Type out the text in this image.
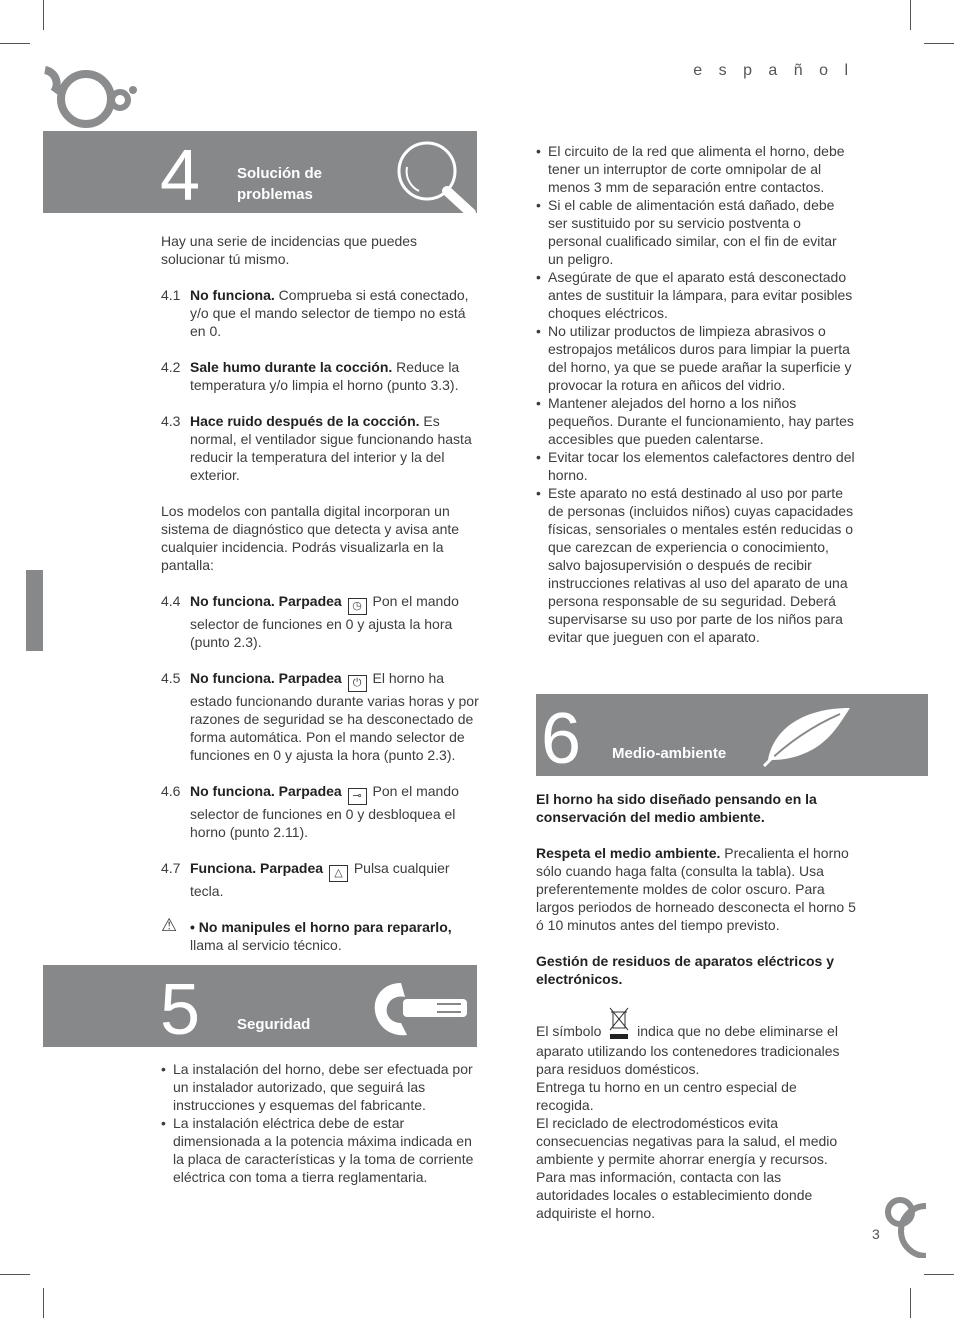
e s p a ñ o l
4 Solución de
problemas

Hay una serie de incidencias que puedes solucionar tú mismo.

4.1 No funciona. Comprueba si está conectado, y/o que el mando selector de tiempo no está en 0.
4.2 Sale humo durante la cocción. Reduce la temperatura y/o limpia el horno (punto 3.3).
4.3 Hace ruido después de la cocción. Es normal, el ventilador sigue funcionando hasta reducir la temperatura del interior y la del exterior.

Los modelos con pantalla digital incorporan un sistema de diagnóstico que detecta y avisa ante cualquier incidencia. Podrás visualizarla en la pantalla:

4.4 No funciona. Parpadea ◷ Pon el mando selector de funciones en 0 y ajusta la hora (punto 2.3).
4.5 No funciona. Parpadea ⏻ El horno ha estado funcionando durante varias horas y por razones de seguridad se ha desconectado de forma automática. Pon el mando selector de funciones en 0 y ajusta la hora (punto 2.3).
4.6 No funciona. Parpadea ⊸ Pon el mando selector de funciones en 0 y desbloquea el horno (punto 2.11).
4.7 Funciona. Parpadea △ Pulsa cualquier tecla.
⚠ • No manipules el horno para repararlo,
llama al servicio técnico.
5 Seguridad
• La instalación del horno, debe ser efectuada por un instalador autorizado, que seguirá las instrucciones y esquemas del fabricante.
• La instalación eléctrica debe de estar dimensionada a la potencia máxima indicada en la placa de características y la toma de corriente eléctrica con toma a tierra reglamentaria.
• El circuito de la red que alimenta el horno, debe tener un interruptor de corte omnipolar de al menos 3 mm de separación entre contactos.
• Si el cable de alimentación está dañado, debe ser sustituido por su servicio postventa o personal cualificado similar, con el fin de evitar un peligro.
• Asegúrate de que el aparato está desconectado antes de sustituir la lámpara, para evitar posibles choques eléctricos.
• No utilizar productos de limpieza abrasivos o estropajos metálicos duros para limpiar la puerta del horno, ya que se puede arañar la superficie y provocar la rotura en añicos del vidrio.
• Mantener alejados del horno a los niños pequeños. Durante el funcionamiento, hay partes accesibles que pueden calentarse.
• Evitar tocar los elementos calefactores dentro del horno.
• Este aparato no está destinado al uso por parte de personas (incluidos niños) cuyas capacidades físicas, sensoriales o mentales estén reducidas o que carezcan de experiencia o conocimiento, salvo bajosupervisión o después de recibir instrucciones relativas al uso del aparato de una persona responsable de su seguridad. Deberá supervisarse su uso por parte de los niños para evitar que jueguen con el aparato.
6 Medio-ambiente

El horno ha sido diseñado pensando en la conservación del medio ambiente.

Respeta el medio ambiente. Precalienta el horno sólo cuando haga falta (consulta la tabla). Usa preferentemente moldes de color oscuro. Para largos periodos de horneado desconecta el horno 5 ó 10 minutos antes del tiempo previsto.

Gestión de residuos de aparatos eléctricos y electrónicos.

El símbolo  indica que no debe eliminarse el aparato utilizando los contenedores tradicionales para residuos domésticos.

Entrega tu horno en un centro especial de recogida.

El reciclado de electrodomésticos evita consecuencias negativas para la salud, el medio ambiente y permite ahorrar energía y recursos. Para mas información, contacta con las autoridades locales o establecimiento donde adquiriste el horno.

3
